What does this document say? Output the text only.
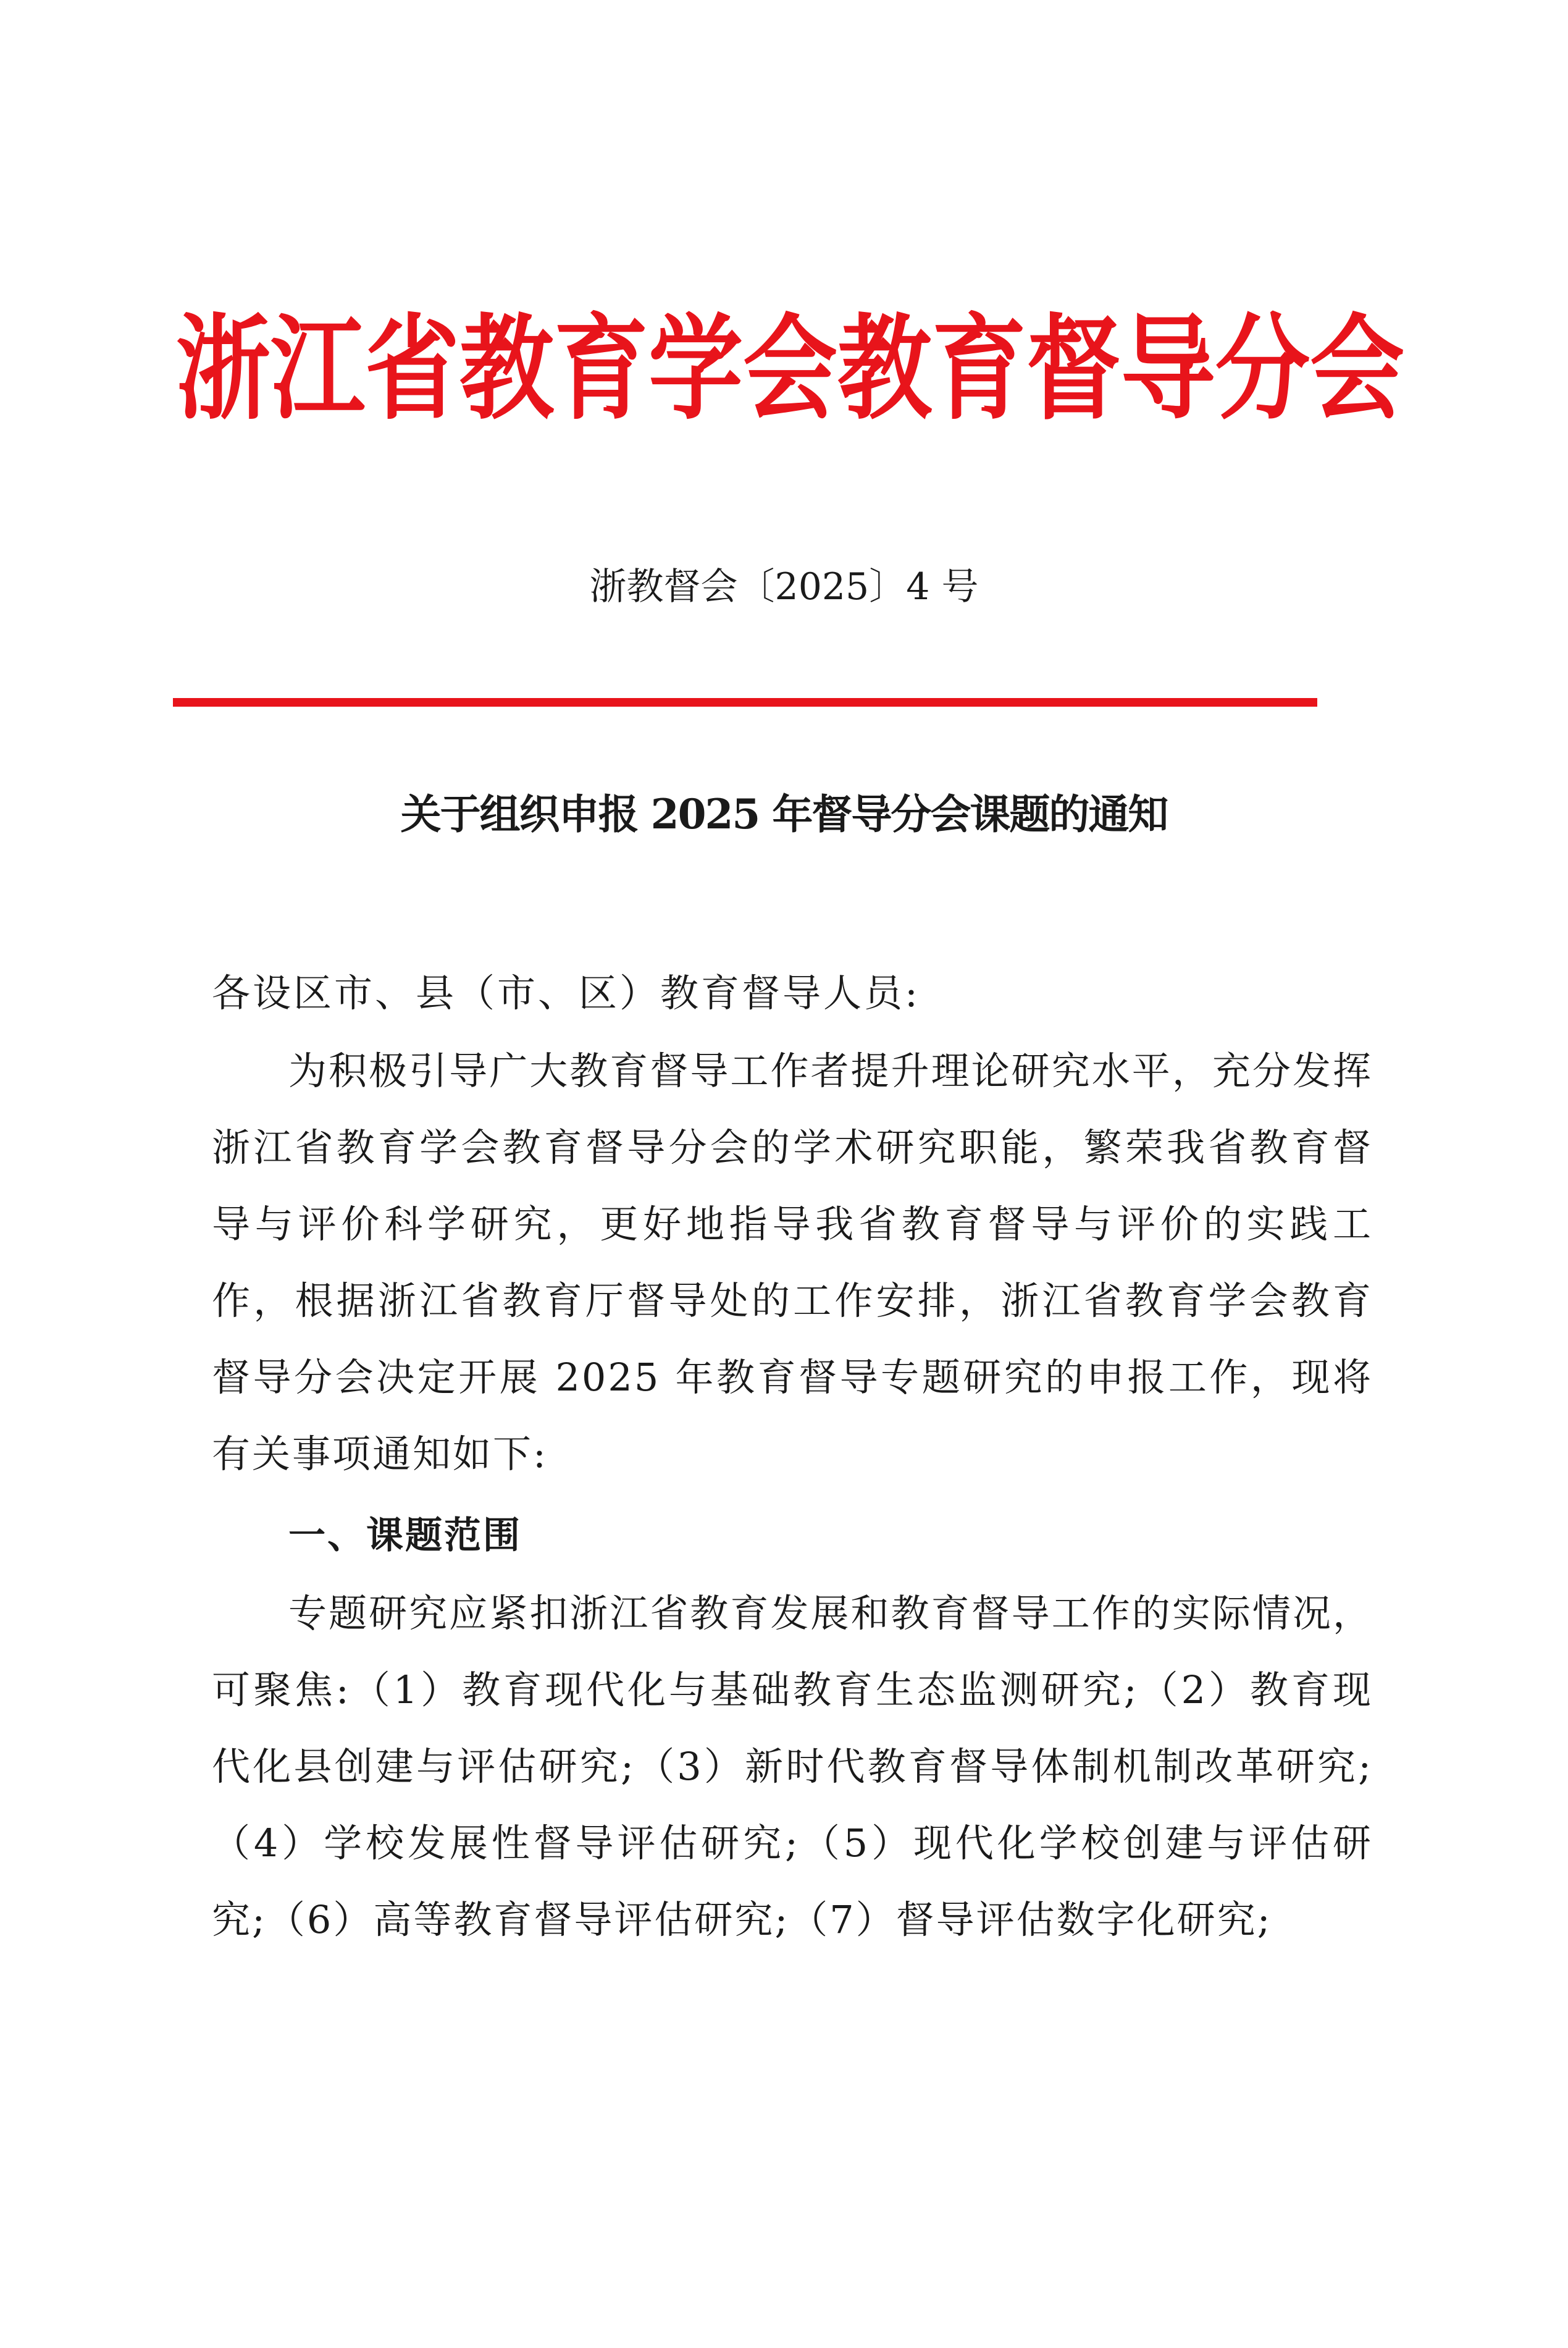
浙江省教育学会教育督导分会
浙教督会〔2025〕4 号
关于组织申报 2025 年督导分会课题的通知
各设区市、县（市、区）教育督导人员:

为积极引导广大教育督导工作者提升理论研究水平，充分发挥浙江省教育学会教育督导分会的学术研究职能，繁荣我省教育督导与评价科学研究，更好地指导我省教育督导与评价的实践工作，根据浙江省教育厅督导处的工作安排，浙江省教育学会教育督导分会决定开展 2025 年教育督导专题研究的申报工作，现将有关事项通知如下:

一、课题范围

专题研究应紧扣浙江省教育发展和教育督导工作的实际情况，可聚焦:（1）教育现代化与基础教育生态监测研究;（2）教育现代化县创建与评估研究;（3）新时代教育督导体制机制改革研究;（4）学校发展性督导评估研究;（5）现代化学校创建与评估研究;（6）高等教育督导评估研究;（7）督导评估数字化研究;
